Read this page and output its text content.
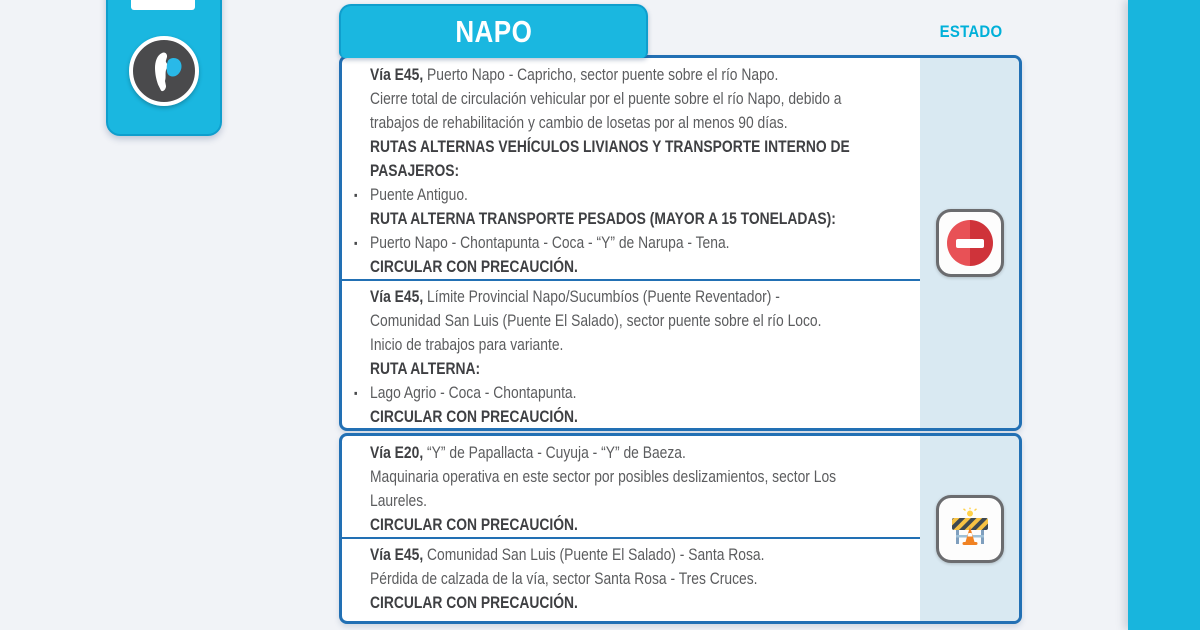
NAPO	ESTADO
Vía E45, Puerto Napo - Capricho, sector puente sobre el río Napo.
Cierre total de circulación vehicular por el puente sobre el río Napo, debido a
trabajos de rehabilitación y cambio de losetas por al menos 90 días.
RUTAS ALTERNAS VEHÍCULOS LIVIANOS Y TRANSPORTE INTERNO DE
PASAJEROS:
▪ Puente Antiguo.
RUTA ALTERNA TRANSPORTE PESADOS (MAYOR A 15 TONELADAS):
▪ Puerto Napo - Chontapunta - Coca - “Y” de Narupa - Tena.
CIRCULAR CON PRECAUCIÓN.
Vía E45, Límite Provincial Napo/Sucumbíos (Puente Reventador) -
Comunidad San Luis (Puente El Salado), sector puente sobre el río Loco.
Inicio de trabajos para variante.
RUTA ALTERNA:
▪ Lago Agrio - Coca - Chontapunta.
CIRCULAR CON PRECAUCIÓN.
Vía E20, “Y” de Papallacta - Cuyuja - “Y” de Baeza.
Maquinaria operativa en este sector por posibles deslizamientos, sector Los
Laureles.
CIRCULAR CON PRECAUCIÓN.
Vía E45, Comunidad San Luis (Puente El Salado) - Santa Rosa.
Pérdida de calzada de la vía, sector Santa Rosa - Tres Cruces.
CIRCULAR CON PRECAUCIÓN.
